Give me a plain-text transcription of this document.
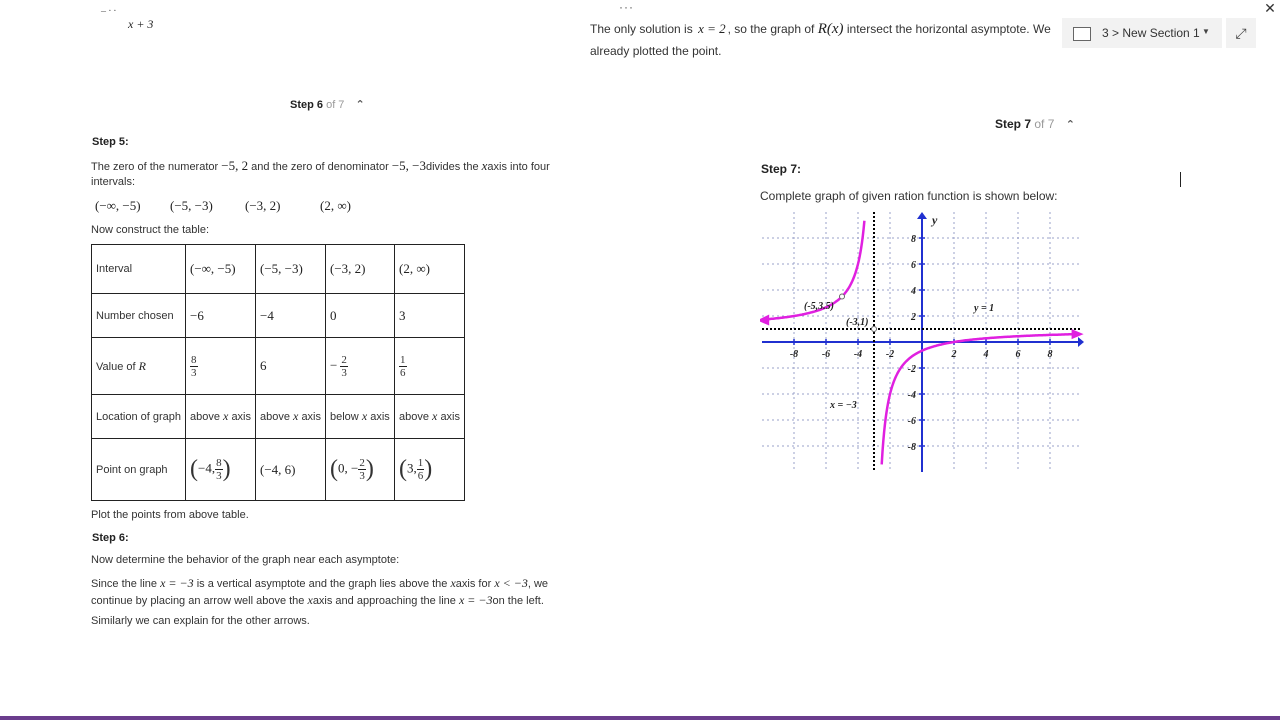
– · ·
x + 3
···
The only solution is x = 2 , so the graph of R(x) intersect the horizontal asymptote. We
already plotted the point.
3 > New Section 1 ▼	⤢
✕
Step 6 of 7 ⌃
Step 7 of 7 ⌃
Step 5:
The zero of the numerator −5, 2 and the zero of denominator −5, −3divides the xaxis into four
intervals:
(−∞, −5) (−5, −3) (−3, 2)	(2, ∞)
Now construct the table:
Interval	(−∞, −5)	(−5, −3)	(−3, 2)	(2, ∞)
Number chosen	−6	−4	0	3
Value of R	$\frac{8}{3}$	6	− $\frac{2}{3}$	$\frac{1}{6}$

Location of graph	above x axis	above x axis	below x axis	above x axis
Point on graph	(−4, $\frac{8}{3}$ )	(−4, 6)	(0, − $\frac{2}{3}$ )	(3, $\frac{1}{6}$ )
Plot the points from above table.
Step 6:
Now determine the behavior of the graph near each asymptote:
Since the line x = −3 is a vertical asymptote and the graph lies above the xaxis for x < −3, we
continue by placing an arrow well above the xaxis and approaching the line x = −3on the left.
Similarly we can explain for the other arrows.
Step 7:
Complete graph of given ration function is shown below:
-8 -6 -4 -2	2	4	6	8
8
6
4
2
-2
-4
-6
-8
y
(-5,3.5)
(-3,1)
y = 1
x = −3
